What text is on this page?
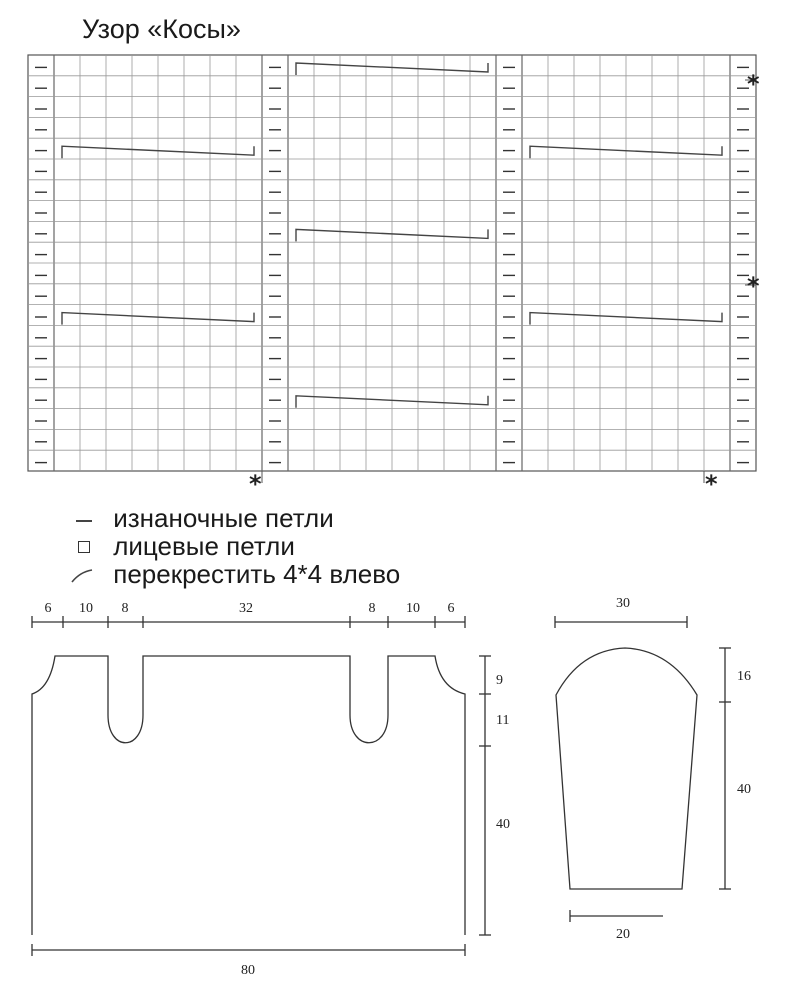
Узор «Косы»
*
*
*	*
изнаночные петли
лицевые петли
перекрестить 4*4 влево
6 10 8	32	8 10 6
80
9
11
40
30
20
16
40
